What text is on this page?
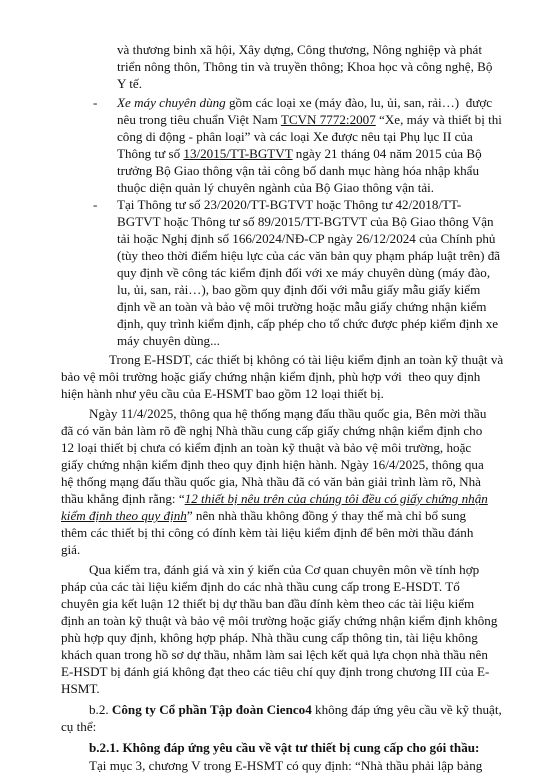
và thương binh xã hội, Xây dựng, Công thương, Nông nghiệp và phát
triển nông thôn, Thông tin và truyền thông; Khoa học và công nghệ, Bộ
Y tế.
- Xe máy chuyên dùng gồm các loại xe (máy đào, lu, ủi, san, rải…)  được
nêu trong tiêu chuẩn Việt Nam TCVN 7772:2007 “Xe, máy và thiết bị thi
công di động - phân loại” và các loại Xe được nêu tại Phụ lục II của
Thông tư số 13/2015/TT-BGTVT ngày 21 tháng 04 năm 2015 của Bộ
trưởng Bộ Giao thông vận tải công bố danh mục hàng hóa nhập khẩu
thuộc diện quản lý chuyên ngành của Bộ Giao thông vận tải.
- Tại Thông tư số 23/2020/TT-BGTVT hoặc Thông tư 42/2018/TT-
BGTVT hoặc Thông tư số 89/2015/TT-BGTVT của Bộ Giao thông Vận
tải hoặc Nghị định số 166/2024/NĐ-CP ngày 26/12/2024 của Chính phủ
(tùy theo thời điểm hiệu lực của các văn bản quy phạm pháp luật trên) đã
quy định về công tác kiểm định đối với xe máy chuyên dùng (máy đào,
lu, ủi, san, rải…), bao gồm quy định đối với mẫu giấy mẫu giấy kiểm
định về an toàn và bảo vệ môi trường hoặc mẫu giấy chứng nhận kiểm
định, quy trình kiểm định, cấp phép cho tổ chức được phép kiểm định xe
máy chuyên dùng...
Trong E-HSDT, các thiết bị không có tài liệu kiểm định an toàn kỹ thuật và
bảo vệ môi trường hoặc giấy chứng nhận kiểm định, phù hợp với  theo quy định
hiện hành như yêu cầu của E-HSMT bao gồm 12 loại thiết bị.
Ngày 11/4/2025, thông qua hệ thống mạng đấu thầu quốc gia, Bên mời thầu
đã có văn bản làm rõ đề nghị Nhà thầu cung cấp giấy chứng nhận kiểm định cho
12 loại thiết bị chưa có kiểm định an toàn kỹ thuật và bảo vệ môi trường, hoặc
giấy chứng nhận kiểm định theo quy định hiện hành. Ngày 16/4/2025, thông qua
hệ thống mạng đấu thầu quốc gia, Nhà thầu đã có văn bản giải trình làm rõ, Nhà
thầu khẳng định rằng: “12 thiết bị nêu trên của chúng tôi đều có giấy chứng nhận
kiểm định theo quy định” nên nhà thầu không đồng ý thay thế mà chỉ bổ sung
thêm các thiết bị thi công có đính kèm tài liệu kiểm định để bên mời thầu đánh
giá.
Qua kiểm tra, đánh giá và xin ý kiến của Cơ quan chuyên môn về tính hợp
pháp của các tài liệu kiểm định do các nhà thầu cung cấp trong E-HSDT. Tổ
chuyên gia kết luận 12 thiết bị dự thầu ban đầu đính kèm theo các tài liệu kiểm
định an toàn kỹ thuật và bảo vệ môi trường hoặc giấy chứng nhận kiểm định không
phù hợp quy định, không hợp pháp. Nhà thầu cung cấp thông tin, tài liệu không
khách quan trong hồ sơ dự thầu, nhằm làm sai lệch kết quả lựa chọn nhà thầu nên
E-HSDT bị đánh giá không đạt theo các tiêu chí quy định trong chương III của E-
HSMT.
b.2. Công ty Cổ phần Tập đoàn Cienco4 không đáp ứng yêu cầu về kỹ thuật,
cụ thể:
b.2.1. Không đáp ứng yêu cầu về vật tư thiết bị cung cấp cho gói thầu:
Tại mục 3, chương V trong E-HSMT có quy định: “Nhà thầu phải lập bảng
